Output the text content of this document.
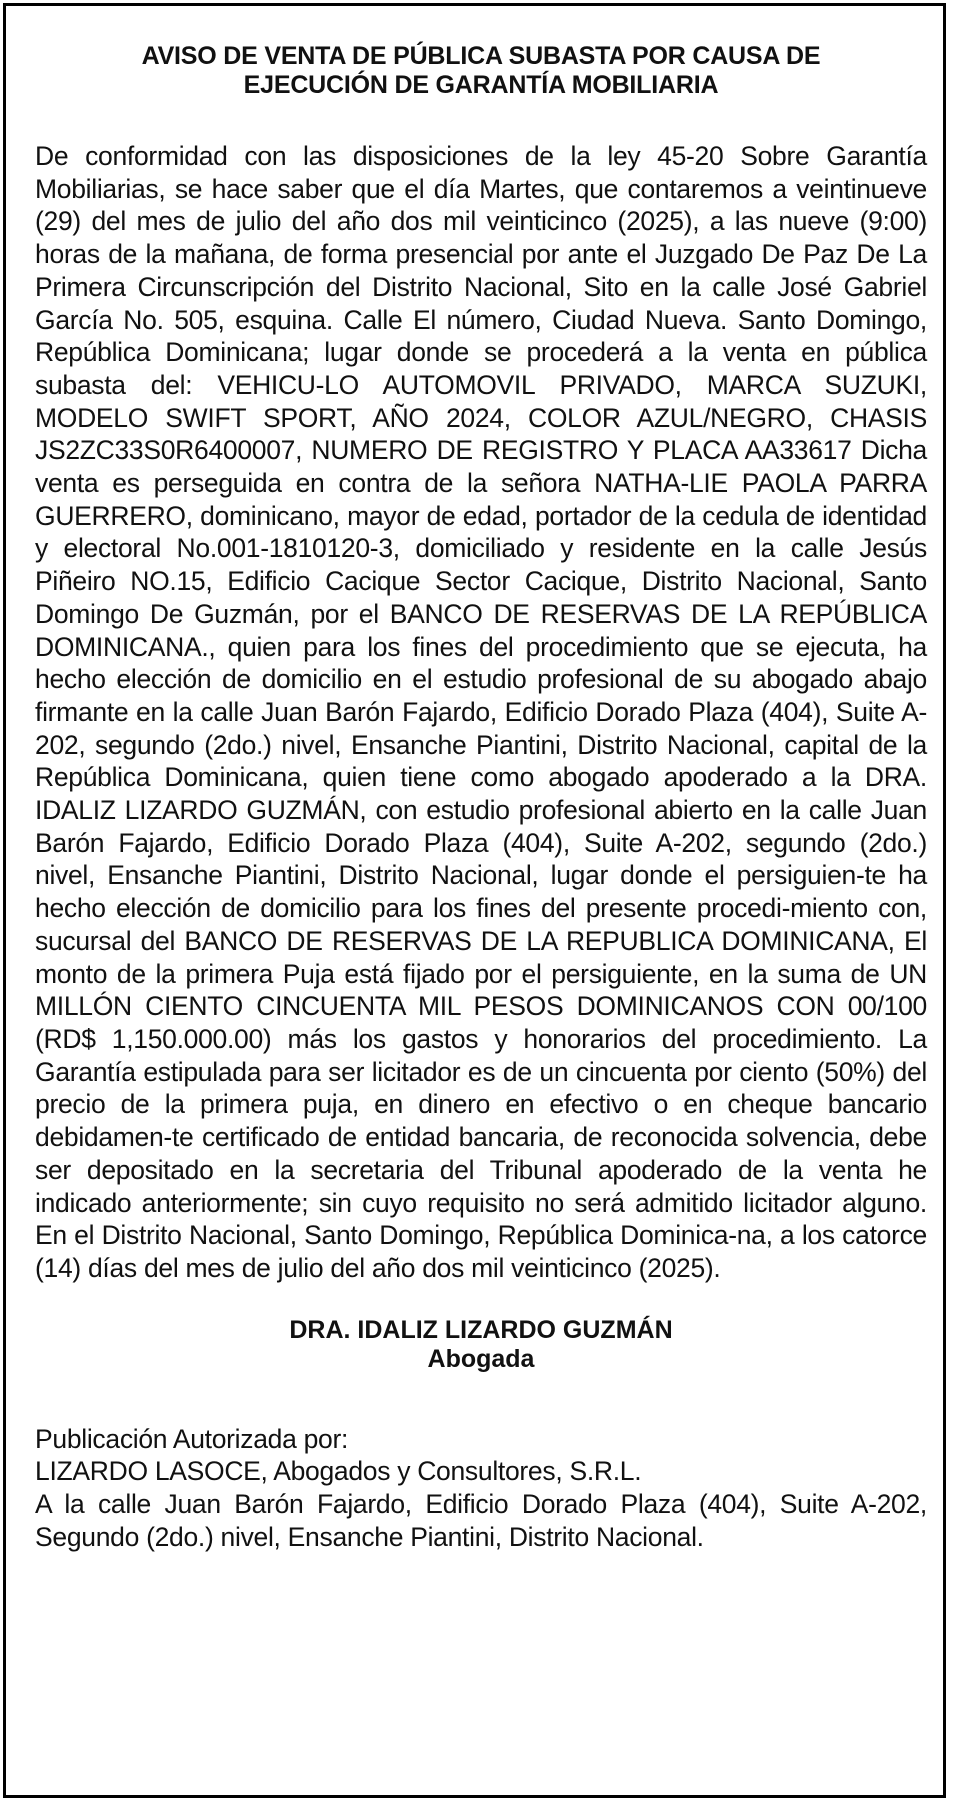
AVISO DE VENTA DE PÚBLICA SUBASTA POR CAUSA DE
EJECUCIÓN DE GARANTÍA MOBILIARIA

De conformidad con las disposiciones de la ley 45-20 Sobre Garantía Mobiliarias, se hace saber que el día Martes, que contaremos a veintinueve (29) del mes de julio del año dos mil veinticinco (2025), a las nueve (9:00) horas de la mañana, de forma presencial por ante el Juzgado De Paz De La Primera Circunscripción del Distrito Nacional, Sito en la calle José Gabriel García No. 505, esquina. Calle El número, Ciudad Nueva. Santo Domingo, República Dominicana; lugar donde se procederá a la venta en pública subasta del: VEHICU-LO AUTOMOVIL PRIVADO, MARCA SUZUKI, MODELO SWIFT SPORT, AÑO 2024, COLOR AZUL/NEGRO, CHASIS JS2ZC33S0R6400007, NUMERO DE REGISTRO Y PLACA AA33617 Dicha venta es perseguida en contra de la señora NATHA-LIE PAOLA PARRA GUERRERO, dominicano, mayor de edad, portador de la cedula de identidad y electoral No.001-1810120-3, domiciliado y residente en la calle Jesús Piñeiro NO.15, Edificio Cacique Sector Cacique, Distrito Nacional, Santo Domingo De Guzmán, por el BANCO DE RESERVAS DE LA REPÚBLICA DOMINICANA., quien para los fines del procedimiento que se ejecuta, ha hecho elección de domicilio en el estudio profesional de su abogado abajo firmante en la calle Juan Barón Fajardo, Edificio Dorado Plaza (404), Suite A-202, segundo (2do.) nivel, Ensanche Piantini, Distrito Nacional, capital de la República Dominicana, quien tiene como abogado apoderado a la DRA. IDALIZ LIZARDO GUZMÁN, con estudio profesional abierto en la calle Juan Barón Fajardo, Edificio Dorado Plaza (404), Suite A-202, segundo (2do.) nivel, Ensanche Piantini, Distrito Nacional, lugar donde el persiguien-te ha hecho elección de domicilio para los fines del presente procedi-miento con, sucursal del BANCO DE RESERVAS DE LA REPUBLICA DOMINICANA, El monto de la primera Puja está fijado por el persiguiente, en la suma de UN MILLÓN CIENTO CINCUENTA MIL PESOS DOMINICANOS CON 00/100 (RD$ 1,150.000.00) más los gastos y honorarios del procedimiento. La Garantía estipulada para ser licitador es de un cincuenta por ciento (50%) del precio de la primera puja, en dinero en efectivo o en cheque bancario debidamen-te certificado de entidad bancaria, de reconocida solvencia, debe ser depositado en la secretaria del Tribunal apoderado de la venta he indicado anteriormente; sin cuyo requisito no será admitido licitador alguno. En el Distrito Nacional, Santo Domingo, República Dominica-na, a los catorce (14) días del mes de julio del año dos mil veinticinco (2025).

DRA. IDALIZ LIZARDO GUZMÁN
Abogada
Publicación Autorizada por:
LIZARDO LASOCE, Abogados y Consultores, S.R.L.
A la calle Juan Barón Fajardo, Edificio Dorado Plaza (404), Suite A-202, Segundo (2do.) nivel, Ensanche Piantini, Distrito Nacional.
